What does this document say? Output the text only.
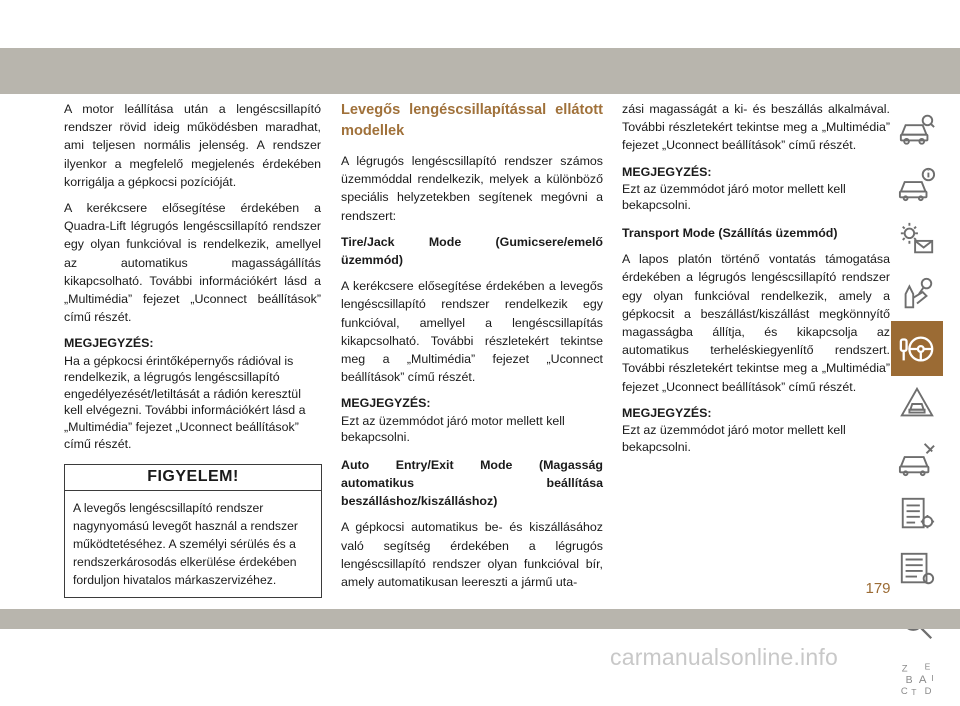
A motor leállítása után a lengéscsillapító rendszer rövid ideig működésben maradhat, ami teljesen normális jelenség. A rendszer ilyenkor a megfelelő megjelenés érdekében korrigálja a gépkocsi pozícióját.

A kerékcsere elősegítése érdekében a Quadra-Lift légrugós lengéscsillapító rendszer egy olyan funkcióval is rendelkezik, amellyel az automatikus magasságállítás kikapcsolható. További információkért lásd a „Multimédia” fejezet „Uconnect beállítások” című részét.

MEGJEGYZÉS:

Ha a gépkocsi érintőképernyős rádióval is rendelkezik, a légrugós lengéscsillapító engedélyezését/letiltását a rádión keresztül kell elvégezni. További információkért lásd a „Multimédia” fejezet „Uconnect beállítások” című részét.

FIGYELEM!
A levegős lengéscsillapító rendszer nagynyomású levegőt használ a rendszer működtetéséhez. A személyi sérülés és a rendszerkárosodás elkerülése érdekében forduljon hivatalos márkaszervizéhez.
Levegős lengéscsillapítással ellátott modellek

A légrugós lengéscsillapító rendszer számos üzemmóddal rendelkezik, melyek a különböző speciális helyzetekben segítenek megóvni a rendszert:

Tire/Jack Mode (Gumicsere/emelő üzemmód)

A kerékcsere elősegítése érdekében a levegős lengéscsillapító rendszer rendelkezik egy funkcióval, amellyel a lengéscsillapítás kikapcsolható. További részletekért tekintse meg a „Multimédia” fejezet „Uconnect beállítások” című részét.

MEGJEGYZÉS:

Ezt az üzemmódot járó motor mellett kell bekapcsolni.

Auto Entry/Exit Mode (Magasság automatikus beállítása beszálláshoz/kiszálláshoz)

A gépkocsi automatikus be- és kiszállásához való segítség érdekében a légrugós lengéscsillapító rendszer olyan funkcióval bír, amely automatikusan leereszti a jármű uta-

zási magasságát a ki- és beszállás alkalmával. További részletekért tekintse meg a „Multimédia” fejezet „Uconnect beállítások” című részét.

MEGJEGYZÉS:

Ezt az üzemmódot járó motor mellett kell bekapcsolni.

Transport Mode (Szállítás üzemmód)

A lapos platón történő vontatás támogatása érdekében a légrugós lengéscsillapító rendszer egy olyan funkcióval rendelkezik, amely a gépkocsit a beszállást/kiszállást megkönnyítő magasságba állítja, és kikapcsolja az automatikus terheléskiegyenlítő rendszert. További részletekért tekintse meg a „Multimédia” fejezet „Uconnect beállítások” című részét.

MEGJEGYZÉS:

Ezt az üzemmódot járó motor mellett kell bekapcsolni.

Z E
B A
C D
T
I
179
carmanualsonline.info
